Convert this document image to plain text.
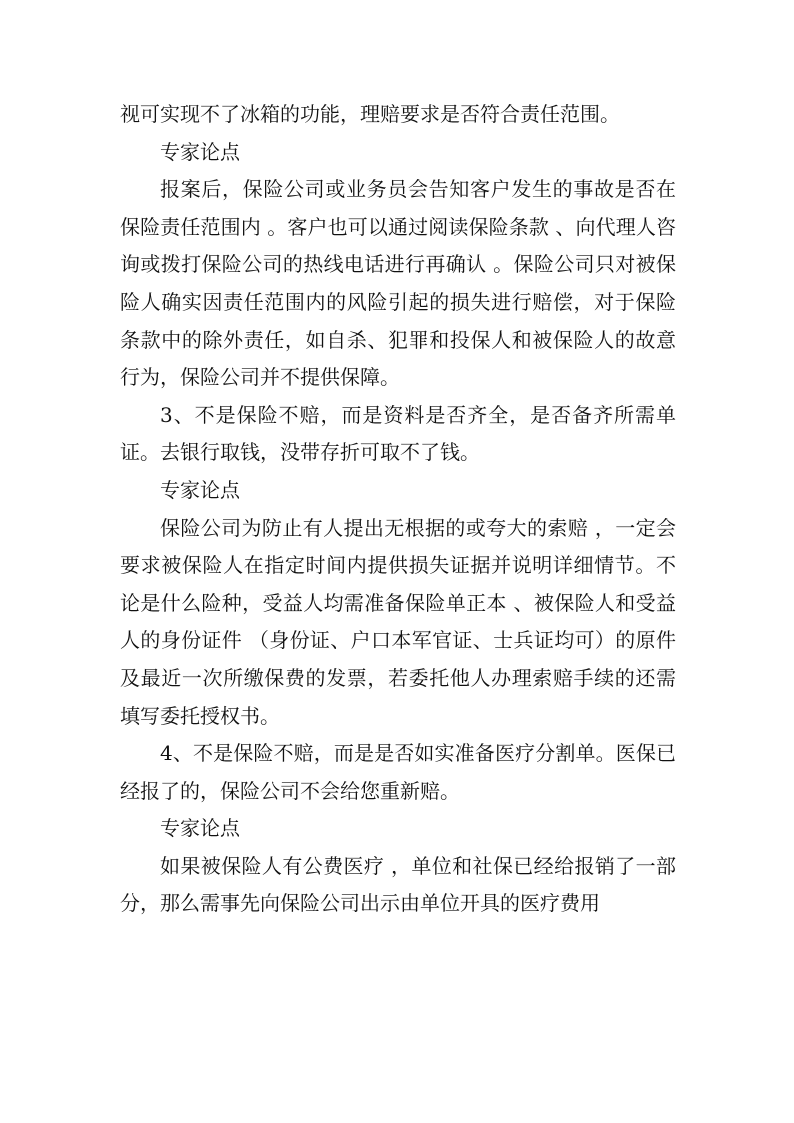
视可实现不了冰箱的功能，理赔要求是否符合责任范围。

专家论点

报案后，保险公司或业务员会告知客户发生的事故是否在保险责任范围内 。客户也可以通过阅读保险条款 、向代理人咨询或拨打保险公司的热线电话进行再确认 。保险公司只对被保险人确实因责任范围内的风险引起的损失进行赔偿，对于保险条款中的除外责任，如自杀、犯罪和投保人和被保险人的故意行为，保险公司并不提供保障。

3、不是保险不赔，而是资料是否齐全，是否备齐所需单证。去银行取钱，没带存折可取不了钱。

专家论点

保险公司为防止有人提出无根据的或夸大的索赔 ，一定会要求被保险人在指定时间内提供损失证据并说明详细情节。不论是什么险种，受益人均需准备保险单正本 、被保险人和受益人的身份证件 （身份证、户口本军官证、士兵证均可）的原件及最近一次所缴保费的发票，若委托他人办理索赔手续的还需填写委托授权书。

4、不是保险不赔，而是是否如实准备医疗分割单。医保已经报了的，保险公司不会给您重新赔。

专家论点

如果被保险人有公费医疗 ，单位和社保已经给报销了一部分，那么需事先向保险公司出示由单位开具的医疗费用
